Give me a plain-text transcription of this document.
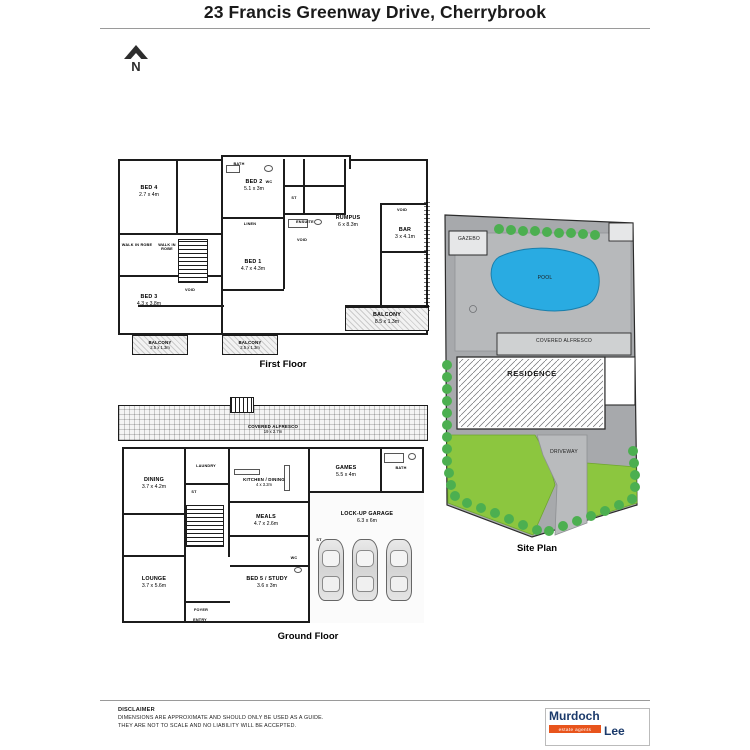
23 Francis Greenway Drive, Cherrybrook
N
BED 4
2.7 x 4m
BED 2
5.1 x 3m
BED 3
4.3 x 3.8m
BED 1
4.7 x 4.3m
RUMPUS
6 x 8.3m
BAR
3 x 4.1m
BALCONY
8.5 x 1.3m
BALCONY
2.5 x 1.3m
BALCONY
2.5 x 1.3m
BATH
WC
ENSUITE
WALK IN ROBE	WALK IN ROBE
LINEN
ST
VOID
VOID
VOID
First Floor
COVERED ALFRESCO
19 x 2.7m
DINING
3.7 x 4.2m
KITCHEN / DINING
4 x 3.2m
GAMES
5.5 x 4m
MEALS
4.7 x 2.6m
LOCK-UP GARAGE
6.3 x 6m
LOUNGE
3.7 x 5.6m
BED 5 / STUDY
3.6 x 3m
LAUNDRY	BATH
WC
ST
ST
FOYER
ENTRY
Ground Floor
GAZEBO
POOL
COVERED ALFRESCO
RESIDENCE
DRIVEWAY
Site Plan
DISCLAIMER
DIMENSIONS ARE APPROXIMATE AND SHOULD ONLY BE USED AS A GUIDE.
THEY ARE NOT TO SCALE AND NO LIABILITY WILL BE ACCEPTED.
Murdoch
estate agents	Lee
